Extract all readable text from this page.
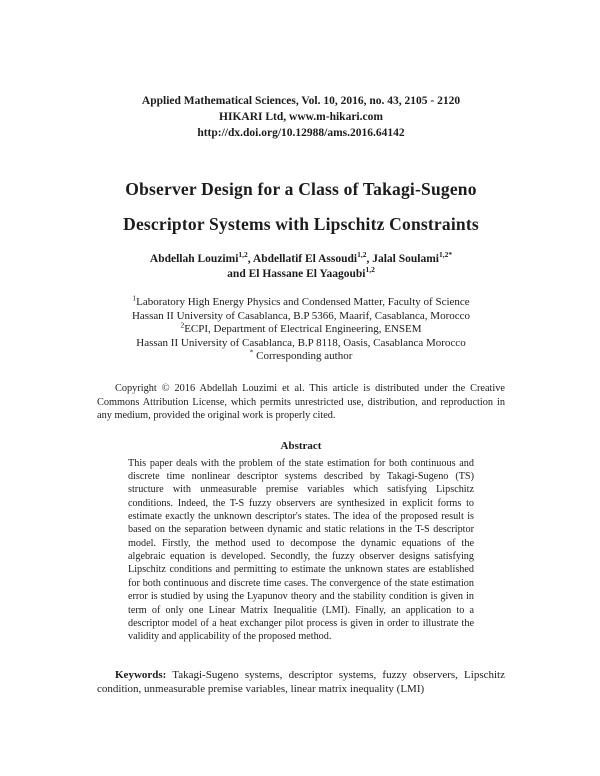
Applied Mathematical Sciences, Vol. 10, 2016, no. 43, 2105 - 2120
HIKARI Ltd, www.m-hikari.com
http://dx.doi.org/10.12988/ams.2016.64142
Observer Design for a Class of Takagi-Sugeno
Descriptor Systems with Lipschitz Constraints
Abdellah Louzimi$^{1,2}$, Abdellatif El Assoudi$^{1,2}$, Jalal Soulami$^{1,2*}$
and El Hassane El Yaagoubi$^{1,2}$
$^1$Laboratory High Energy Physics and Condensed Matter, Faculty of Science
Hassan II University of Casablanca, B.P 5366, Maarif, Casablanca, Morocco
$^2$ECPI, Department of Electrical Engineering, ENSEM
Hassan II University of Casablanca, B.P 8118, Oasis, Casablanca Morocco
* Corresponding author

Copyright © 2016 Abdellah Louzimi et al. This article is distributed under the Creative Commons Attribution License, which permits unrestricted use, distribution, and reproduction in any medium, provided the original work is properly cited.

Abstract

This paper deals with the problem of the state estimation for both continuous and discrete time nonlinear descriptor systems described by Takagi-Sugeno (TS) structure with unmeasurable premise variables which satisfying Lipschitz conditions. Indeed, the T-S fuzzy observers are synthesized in explicit forms to estimate exactly the unknown descriptor's states. The idea of the proposed result is based on the separation between dynamic and static relations in the T-S descriptor model. Firstly, the method used to decompose the dynamic equations of the algebraic equation is developed. Secondly, the fuzzy observer designs satisfying Lipschitz conditions and permitting to estimate the unknown states are established for both continuous and discrete time cases. The convergence of the state estimation error is studied by using the Lyapunov theory and the stability condition is given in term of only one Linear Matrix Inequalitie (LMI). Finally, an application to a descriptor model of a heat exchanger pilot process is given in order to illustrate the validity and applicability of the proposed method.

Keywords: Takagi-Sugeno systems, descriptor systems, fuzzy observers, Lipschitz condition, unmeasurable premise variables, linear matrix inequality (LMI)
